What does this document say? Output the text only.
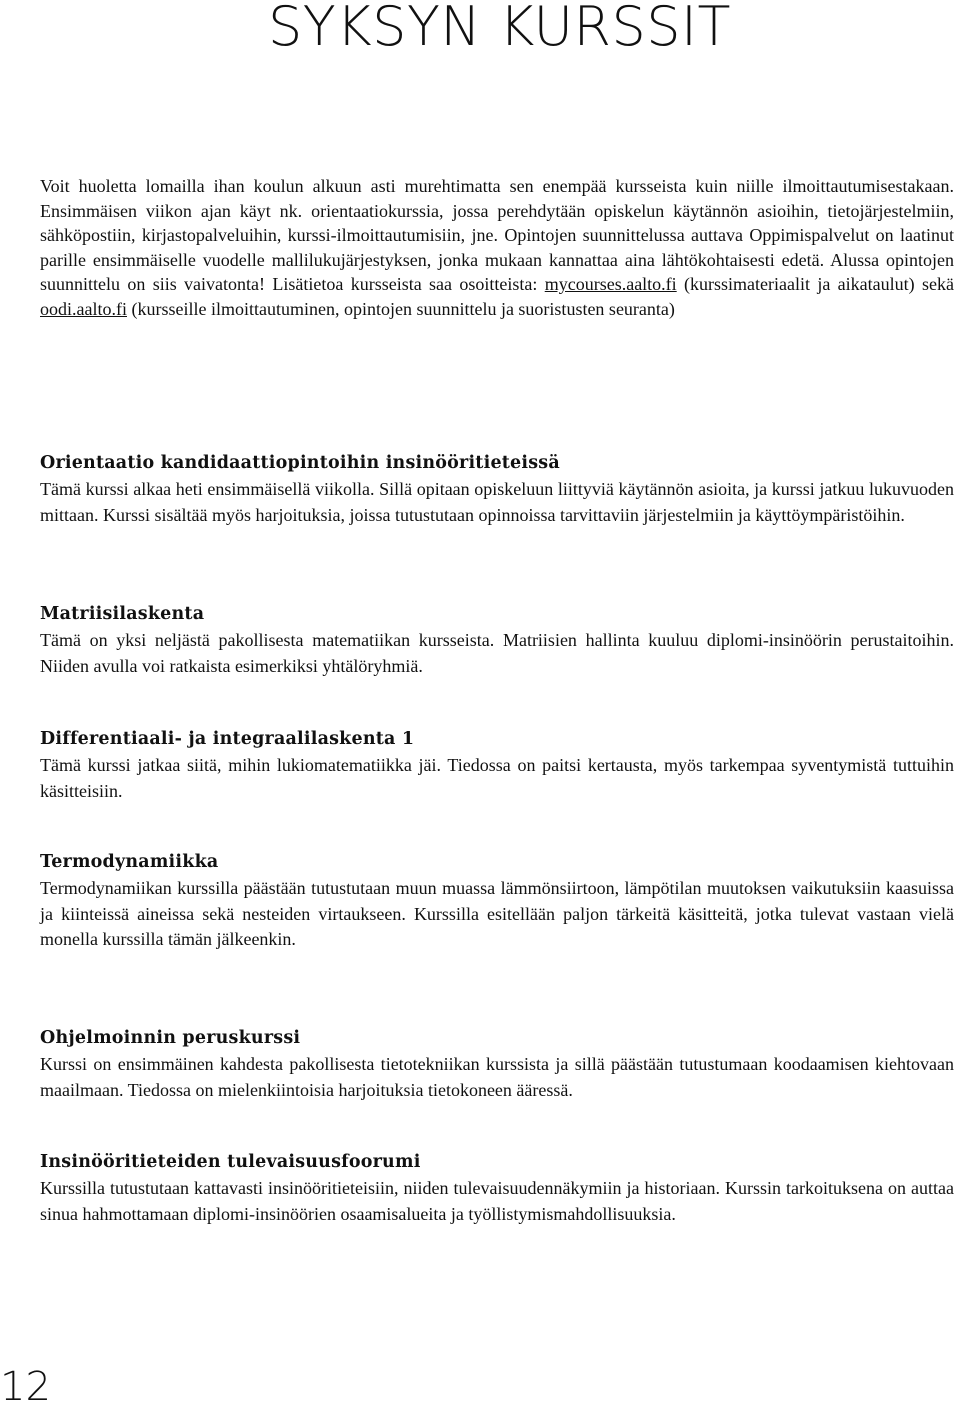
SYKSYN KURSSIT

Voit huoletta lomailla ihan koulun alkuun asti murehtimatta sen enempää kursseista kuin niille ilmoittautumisestakaan. Ensimmäisen viikon ajan käyt nk. orientaatiokurssia, jossa perehdytään opiskelun käytännön asioihin, tietojärjestelmiin, sähköpostiin, kirjastopalveluihin, kurssi-ilmoittautumisiin, jne. Opintojen suunnittelussa auttava Oppimispalvelut on laatinut parille ensimmäiselle vuodelle mallilukujärjestyksen, jonka mukaan kannattaa aina lähtökohtaisesti edetä. Alussa opintojen suunnittelu on siis vaivatonta! Lisätietoa kursseista saa osoitteista: mycourses.aalto.fi (kurssimateriaalit ja aikataulut) sekä oodi.aalto.fi (kursseille ilmoittautuminen, opintojen suunnittelu ja suoristusten seuranta)

Orientaatio kandidaattiopintoihin insinööritieteissä

Tämä kurssi alkaa heti ensimmäisellä viikolla. Sillä opitaan opiskeluun liittyviä käytännön asioita, ja kurssi jatkuu lukuvuoden mittaan. Kurssi sisältää myös harjoituksia, joissa tutustutaan opinnoissa tarvittaviin järjestelmiin ja käyttöympäristöihin.

Matriisilaskenta

Tämä on yksi neljästä pakollisesta matematiikan kursseista. Matriisien hallinta kuuluu diplomi-insinöörin perustaitoihin. Niiden avulla voi ratkaista esimerkiksi yhtälöryhmiä.

Differentiaali- ja integraalilaskenta 1

Tämä kurssi jatkaa siitä, mihin lukiomatematiikka jäi. Tiedossa on paitsi kertausta, myös tarkempaa syventymistä tuttuihin käsitteisiin.

Termodynamiikka

Termodynamiikan kurssilla päästään tutustutaan muun muassa lämmönsiirtoon, lämpötilan muutoksen vaikutuksiin kaasuissa ja kiinteissä aineissa sekä nesteiden virtaukseen. Kurssilla esitellään paljon tärkeitä käsitteitä, jotka tulevat vastaan vielä monella kurssilla tämän jälkeenkin.

Ohjelmoinnin peruskurssi

Kurssi on ensimmäinen kahdesta pakollisesta tietotekniikan kurssista ja sillä päästään tutustumaan koodaamisen kiehtovaan maailmaan. Tiedossa on mielenkiintoisia harjoituksia tietokoneen ääressä.

Insinööritieteiden tulevaisuusfoorumi

Kurssilla tutustutaan kattavasti insinööritieteisiin, niiden tulevaisuudennäkymiin ja historiaan. Kurssin tarkoituksena on auttaa sinua hahmottamaan diplomi-insinöörien osaamisalueita ja työllistymismahdollisuuksia.

12
